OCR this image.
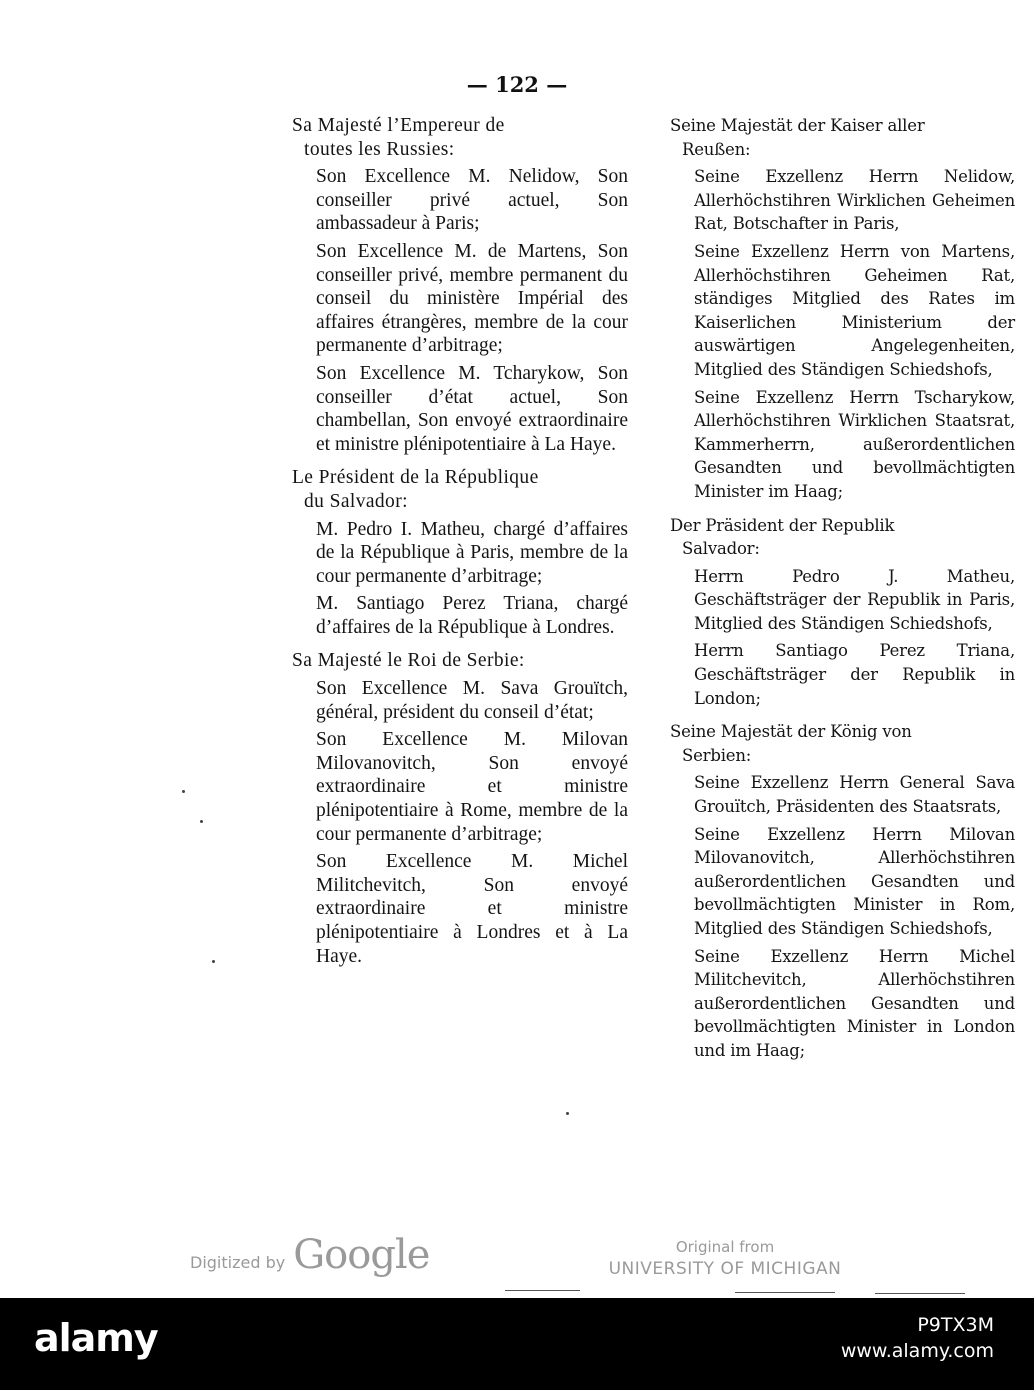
— 122 —
Sa Majesté l’Empereur de
toutes les Russies:
Son Excellence M. Nelidow, Son conseiller privé actuel, Son ambassadeur à Paris;
Son Excellence M. de Martens, Son conseiller privé, membre permanent du conseil du ministère Impérial des affaires étrangères, membre de la cour permanente d’arbitrage;
Son Excellence M. Tcharykow, Son conseiller d’état actuel, Son chambellan, Son envoyé extraordinaire et ministre plénipotentiaire à La Haye.
Le Président de la République
du Salvador:
M. Pedro I. Matheu, chargé d’affaires de la République à Paris, membre de la cour permanente d’arbitrage;
M. Santiago Perez Triana, chargé d’affaires de la République à Londres.
Sa Majesté le Roi de Serbie:
Son Excellence M. Sava Grouïtch, général, président du conseil d’état;
Son Excellence M. Milovan Milovanovitch, Son envoyé extraordinaire et ministre plénipotentiaire à Rome, membre de la cour permanente d’arbitrage;
Son Excellence M. Michel Militchevitch, Son envoyé extraordinaire et ministre plénipotentiaire à Londres et à La Haye.
Seine Majestät der Kaiser aller
Reußen:
Seine Exzellenz Herrn Nelidow, Allerhöchstihren Wirklichen Geheimen Rat, Botschafter in Paris,
Seine Exzellenz Herrn von Martens, Allerhöchstihren Geheimen Rat, ständiges Mitglied des Rates im Kaiserlichen Ministerium der auswärtigen Angelegenheiten, Mitglied des Ständigen Schiedshofs,
Seine Exzellenz Herrn Tscharykow, Allerhöchstihren Wirklichen Staatsrat, Kammerherrn, außerordentlichen Gesandten und bevollmächtigten Minister im Haag;
Der Präsident der Republik
Salvador:
Herrn Pedro J. Matheu, Geschäftsträger der Republik in Paris, Mitglied des Ständigen Schiedshofs,
Herrn Santiago Perez Triana, Geschäftsträger der Republik in London;
Seine Majestät der König von
Serbien:
Seine Exzellenz Herrn General Sava Grouïtch, Präsidenten des Staatsrats,
Seine Exzellenz Herrn Milovan Milovanovitch, Allerhöchstihren außerordentlichen Gesandten und bevollmächtigten Minister in Rom, Mitglied des Ständigen Schiedshofs,
Seine Exzellenz Herrn Michel Militchevitch, Allerhöchstihren außerordentlichen Gesandten und bevollmächtigten Minister in London und im Haag;
Digitized by Google	Original from
UNIVERSITY OF MICHIGAN
alamy	P9TX3M
www.alamy.com
